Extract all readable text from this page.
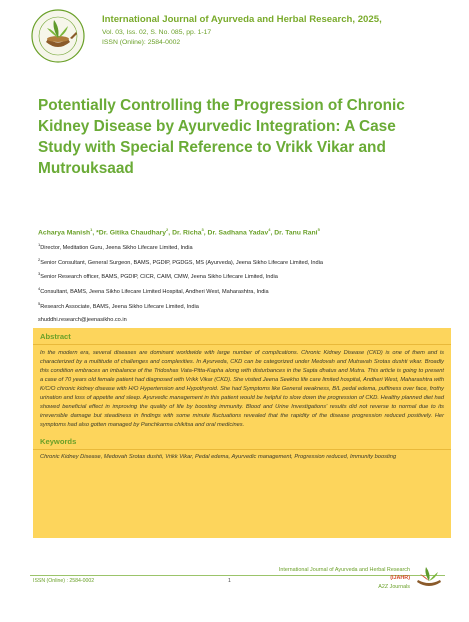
International Journal of Ayurveda and Herbal Research, 2025,
Vol. 03, Iss. 02, S. No. 085, pp. 1-17
ISSN (Online): 2584-0002
Potentially Controlling the Progression of Chronic Kidney Disease by Ayurvedic Integration: A Case Study with Special Reference to Vrikk Vikar and Mutrouksaad
Acharya Manish$^1$, *Dr. Gitika Chaudhary$^2$, Dr. Richa$^3$, Dr. Sadhana Yadav$^4$, Dr. Tanu Rani$^5$
$^1$Director, Meditation Guru, Jeena Sikho Lifecare Limited, India
$^2$Senior Consultant, General Surgeon, BAMS, PGDIP, PGDGS, MS (Ayurveda), Jeena Sikho Lifecare Limited, India
$^3$Senior Research officer, BAMS, PGDIP, CICR, CAIM, CMW, Jeena Sikho Lifecare Limited, India
$^4$Consultant, BAMS, Jeena Sikho Lifecare Limited Hospital, Andheri West, Maharashtra, India
$^5$Research Associate, BAMS, Jeena Sikho Lifecare Limited, India
shuddhi.research@jeenasikho.co.in
Abstract

In the modern era, several diseases are dominant worldwide with large number of complications. Chronic Kidney Disease (CKD) is one of them and is characterized by a multitude of challenges and complexities. In Ayurveda, CKD can be categorized under Medovah and Mutravah Srotas dushti vikar. Broadly this condition embraces an imbalance of the Tridoshas Vata-Pitta-Kapha along with disturbances in the Sapta dhatus and Mutra. This article is going to present a case of 70 years old female patient had diagnosed with Vrikk Vikar (CKD). She visited Jeena Seekho life care limited hospital, Andheri West, Maharashtra with K/C/O chronic kidney disease with H/O Hypertension and Hypothyroid. She had Symptoms like General weakness, B/L pedal edema, puffiness over face, frothy urination and loss of appetite and sleep. Ayurvedic management in this patient would be helpful to slow down the progression of CKD. Healthy planned diet had showed beneficial effect in improving the quality of life by boosting immunity. Blood and Urine Investigations' results did not reverse to normal due to its irreversible damage but steadiness in findings with some minute fluctuations revealed that the rapidity of the disease progression reduced positively. Her symptoms had also gotten managed by Panchkarma chikitsa and oral medicines.

Keywords

Chronic Kidney Disease, Medovah Srotas dushti, Vrikk Vikar, Pedal edema, Ayurvedic management, Progression reduced, Immunity boosting

ISSN (Online) : 2584-0002	1
International Journal of Ayurveda and Herbal Research
(IJAHR)
A2Z Journals
